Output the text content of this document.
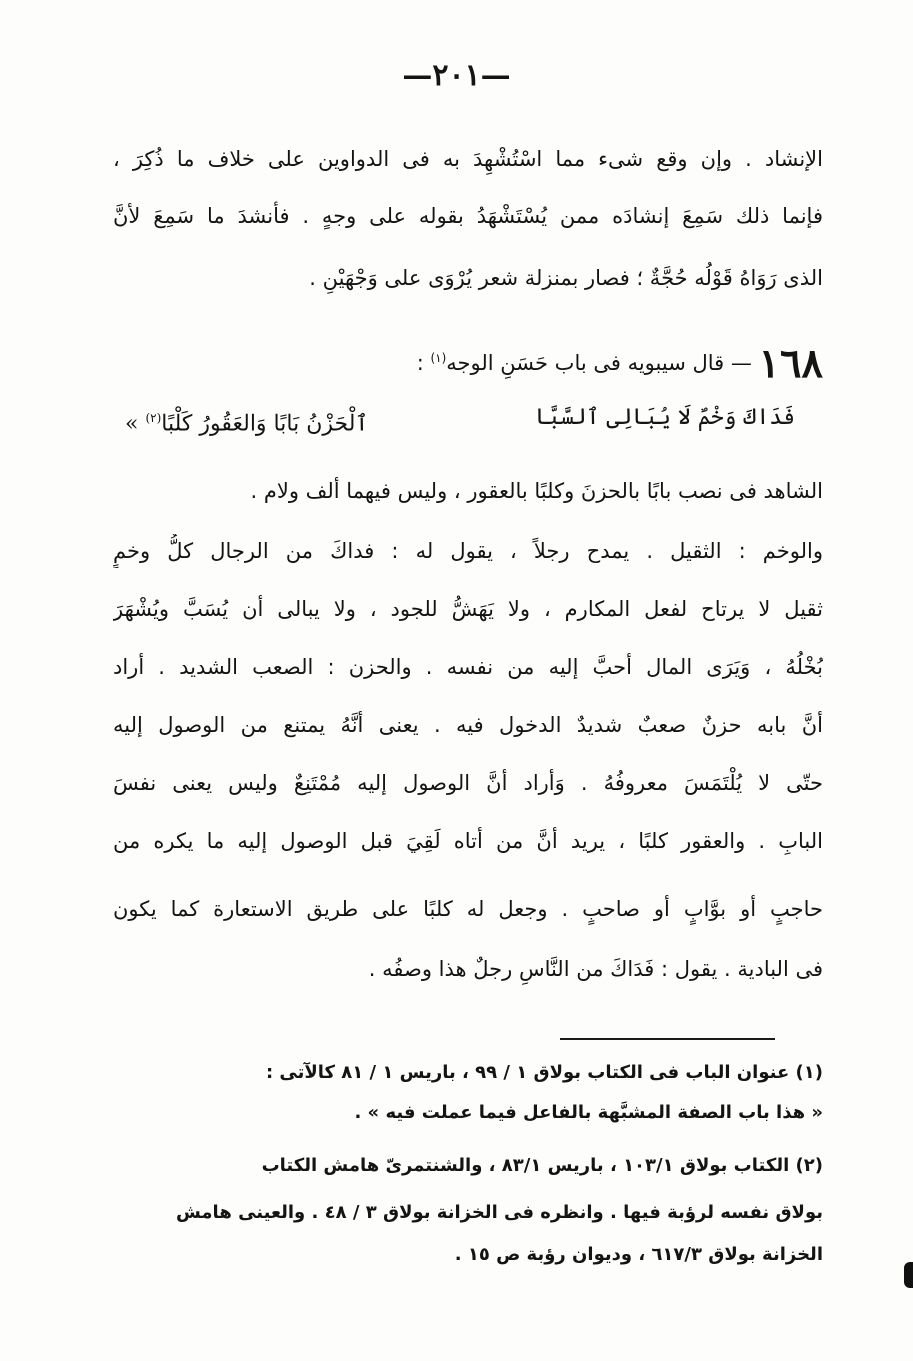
—٢٠١—
الإنشاد . وإن وقع شىء مما اسْتُشْهِدَ به فى الدواوين على خلاف ما ذُكِرَ ،
فإنما ذلك سَمِعَ إنشادَه ممن يُسْتَشْهَدُ بقوله على وجهٍ . فأنشدَ ما سَمِعَ لأنَّ
الذى رَوَاهُ قَوْلُه حُجَّةٌ ؛ فصار بمنزلة شعر يُرْوَى على وَجْهَيْنِ .
١٦٨ — قال سيبويه فى باب حَسَنِ الوجه$^{(١)}$ :
فَدَاكَ وَخْمٌ لَا يُبَالِى ٱلسَّبَّا
ٱلْحَزْنُ بَابًا وَالعَقُورُ كَلْبًا$^{(٢)}$ »
الشاهد فى نصب بابًا بالحزنَ وكلبًا بالعقور ، وليس فيهما ألف ولام .
والوخم : الثقيل . يمدح رجلاً ، يقول له : فداكَ من الرجال كلُّ وخمٍ
ثقيل لا يرتاح لفعل المكارم ، ولا يَهَشُّ للجود ، ولا يبالى أن يُسَبَّ ويُشْهَرَ
بُخْلُهُ ، وَيَرَى المال أحبَّ إليه من نفسه . والحزن : الصعب الشديد . أراد
أنَّ بابه حزنٌ صعبٌ شديدٌ الدخول فيه . يعنى أنَّهُ يمتنع من الوصول إليه
حتّى لا يُلْتَمَسَ معروفُهُ . وَأراد أنَّ الوصول إليه مُمْتَنِعٌ وليس يعنى نفسَ
البابِ . والعقور كلبًا ، يريد أنَّ من أتاه لَقِيَ قبل الوصول إليه ما يكره من
حاجبٍ أو بوَّابٍ أو صاحبٍ . وجعل له كلبًا على طريق الاستعارة كما يكون
فى البادية . يقول : فَدَاكَ من النَّاسِ رجلٌ هذا وصفُه .
(١) عنوان الباب فى الكتاب بولاق ١ / ٩٩ ، باريس ١ / ٨١ كالآتى :
« هذا باب الصفة المشبَّهة بالفاعل فيما عملت فيه » .
(٢) الكتاب بولاق ١٠٣/١ ، باريس ٨٣/١ ، والشنتمرىّ هامش الكتاب
بولاق نفسه لرؤبة فيها . وانظره فى الخزانة بولاق ٣ / ٤٨ . والعينى هامش
الخزانة بولاق ٦١٧/٣ ، وديوان رؤبة ص ١٥ .
